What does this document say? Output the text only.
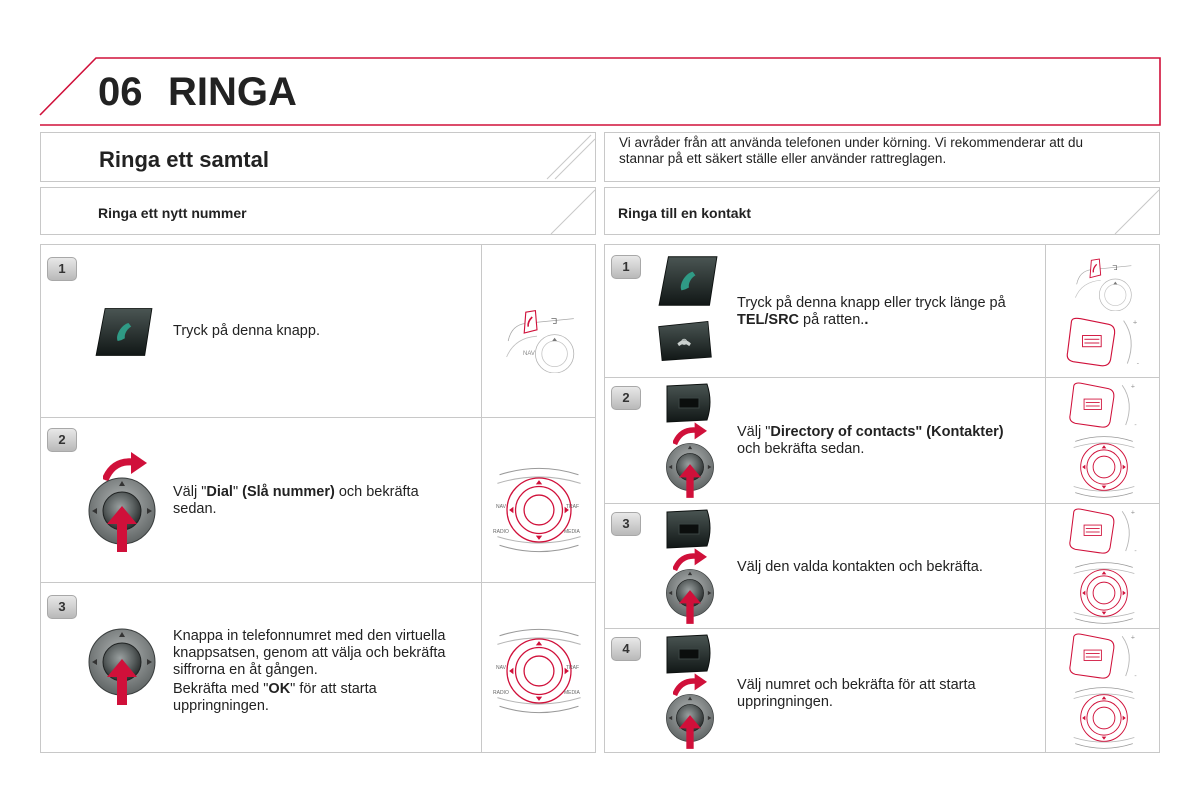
06 RINGA
Ringa ett samtal
Vi avråder från att använda telefonen under körning. Vi rekommenderar att du stannar på ett säkert ställe eller använder rattreglagen.
Ringa ett nytt nummer	Ringa till en kontakt
1
Tryck på denna knapp.
NAV
2
Välj "Dial" (Slå nummer) och bekräfta sedan.	NAV	TRAF
RADIO	MEDIA
3
Knappa in telefonnumret med den virtuella knappsatsen, genom att välja och bekräfta siffrorna en åt gången.
Bekräfta med "OK" för att starta uppringningen.
NAV	TRAF
RADIO	MEDIA
1
Tryck på denna knapp eller tryck länge på TEL/SRC på ratten..
2
Välj "Directory of contacts" (Kontakter) och bekräfta sedan.
3
Välj den valda kontakten och bekräfta.
4
Välj numret och bekräfta för att starta uppringningen.
